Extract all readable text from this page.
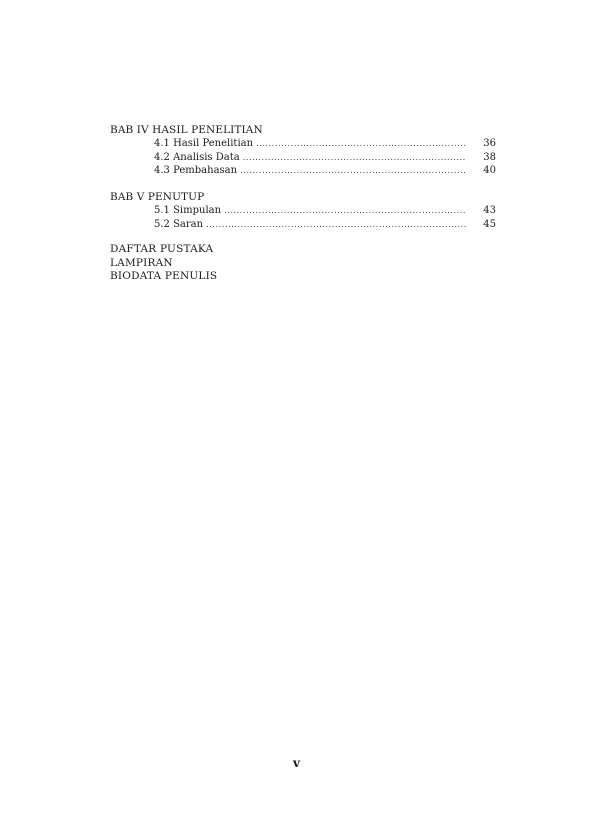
BAB IV HASIL PENELITIAN
4.1 Hasil Penelitian .....	36
4.2 Analisis Data .....	38
4.3 Pembahasan .....	40
BAB V PENUTUP
5.1 Simpulan .....	43
5.2 Saran .....	45
DAFTAR PUSTAKA
LAMPIRAN
BIODATA PENULIS
v
